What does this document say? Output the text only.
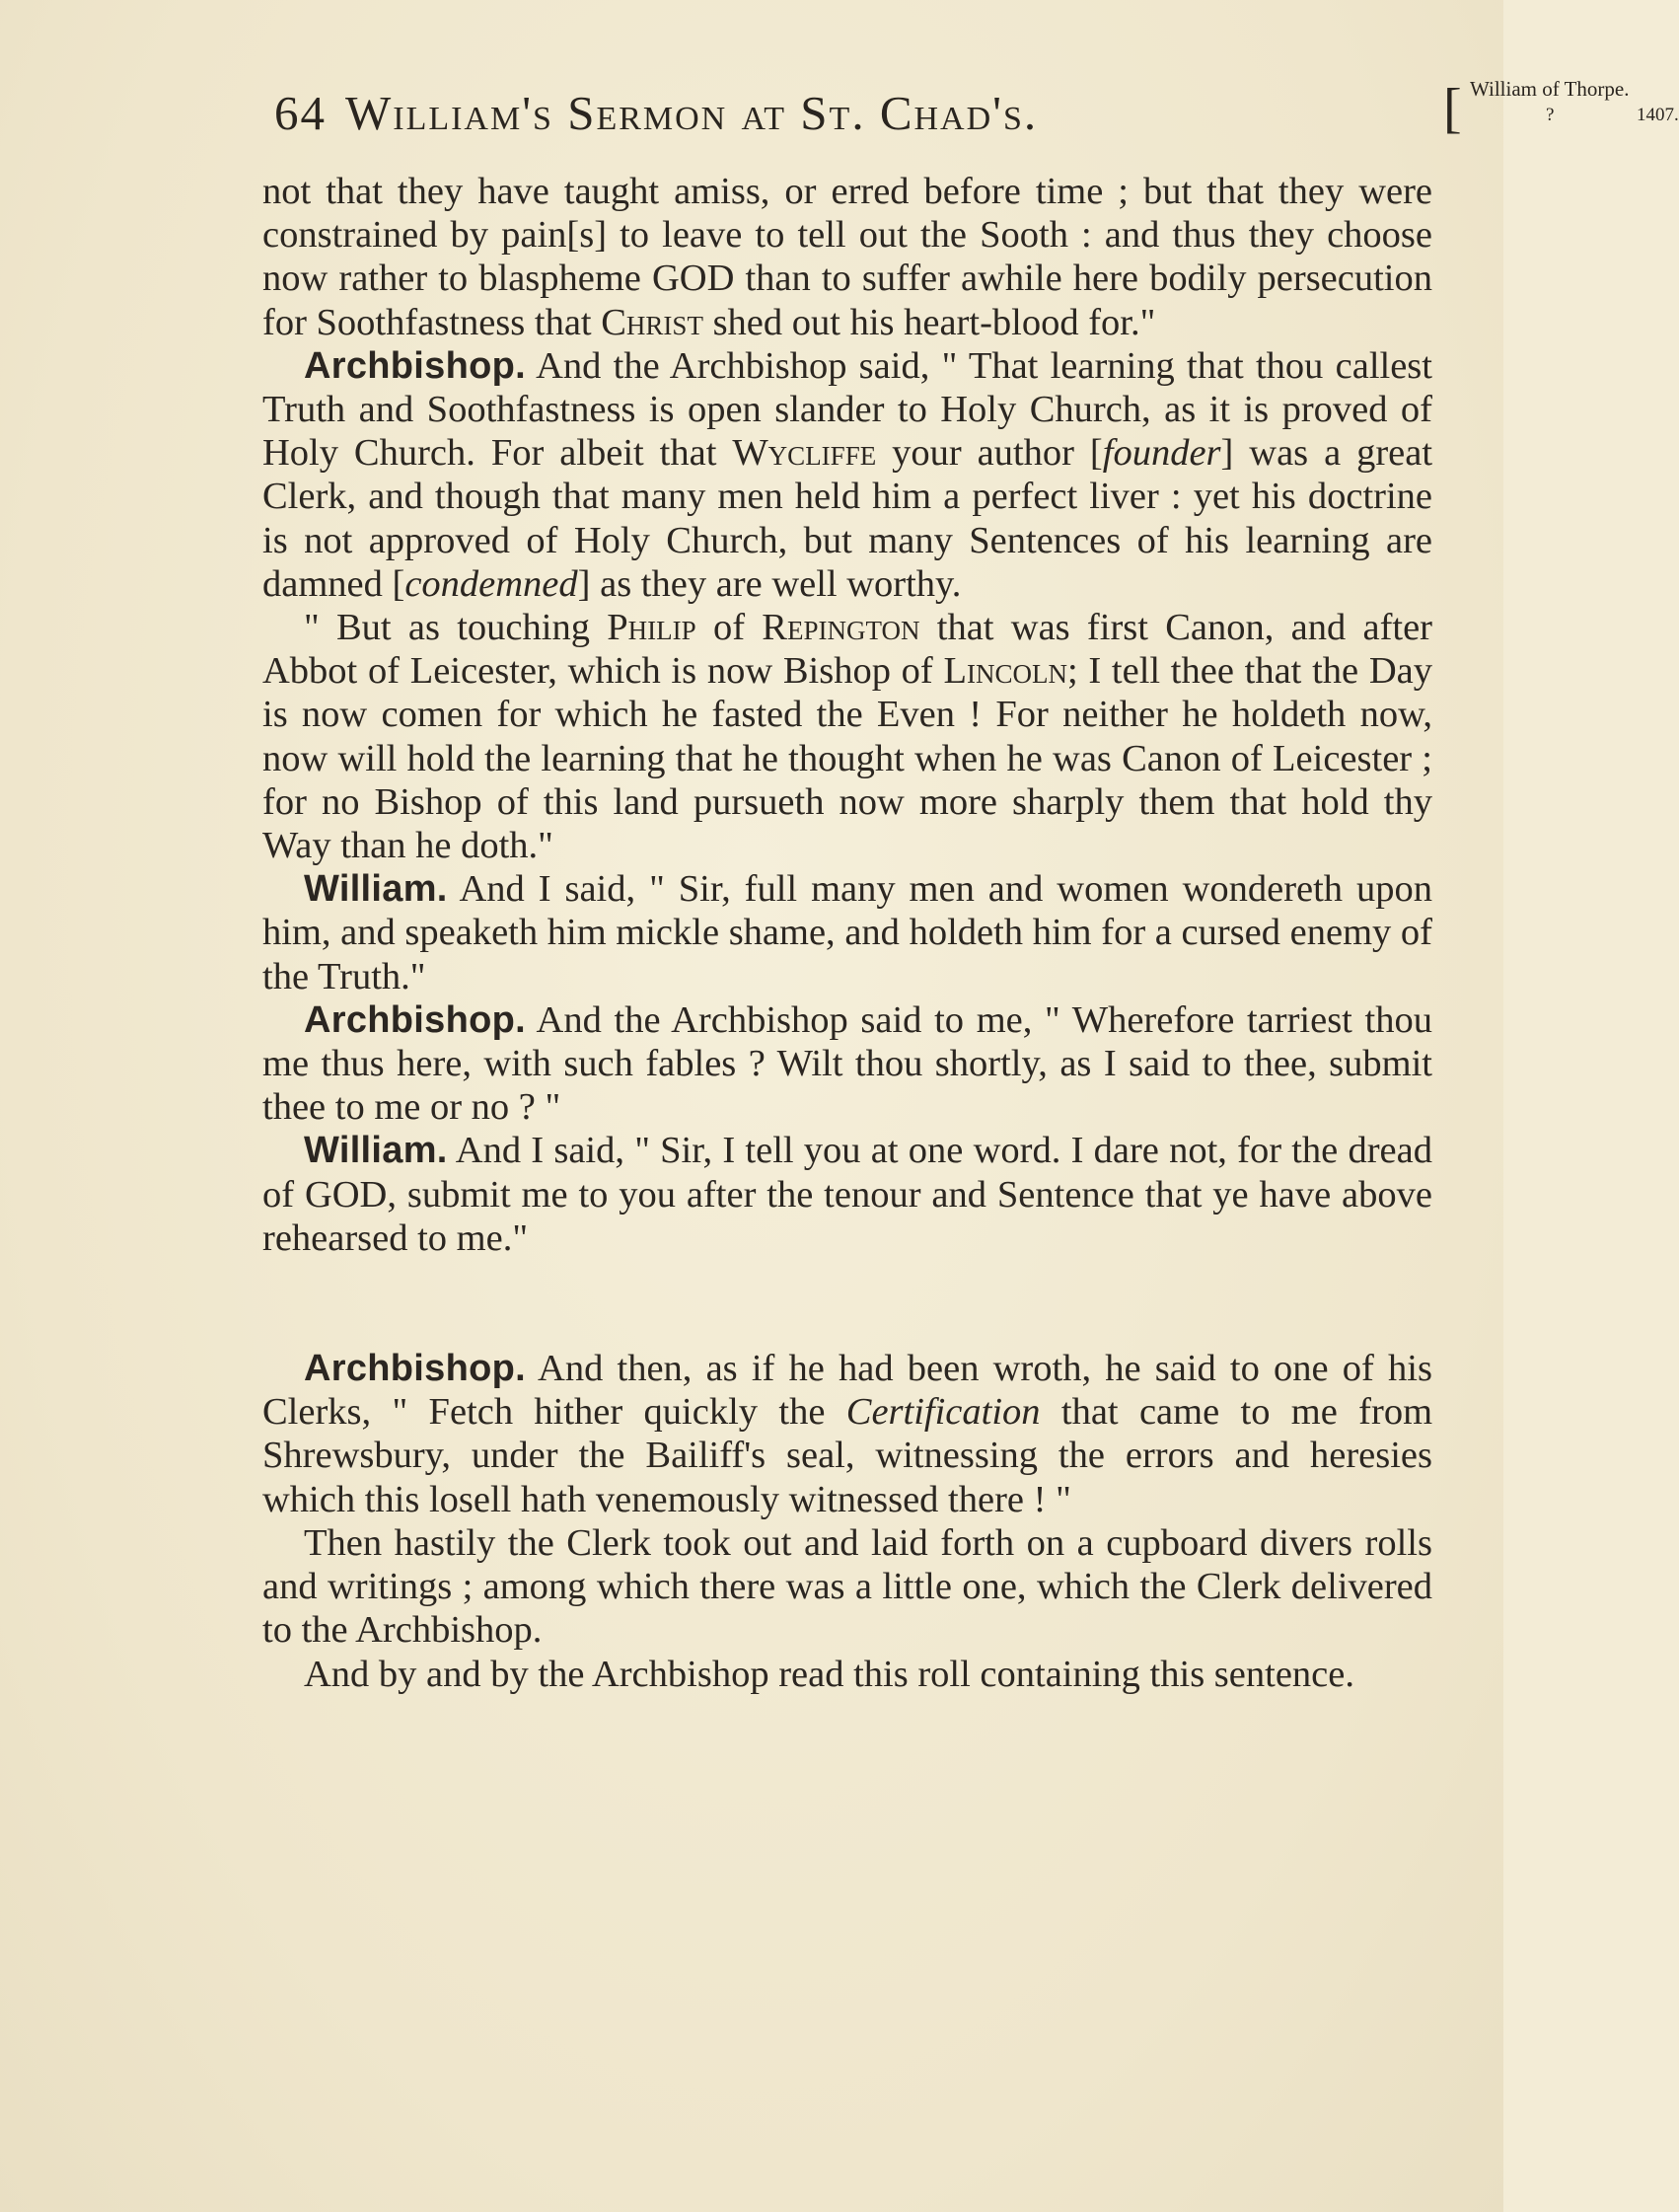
64 William's Sermon at St. Chad's.	[ William of Thorpe.
?	1407.

not that they have taught amiss, or erred before time ; but that they were constrained by pain[s] to leave to tell out the Sooth : and thus they choose now rather to blaspheme GOD than to suffer awhile here bodily persecution for Soothfastness that Christ shed out his heart-blood for."

Archbishop. And the Archbishop said, " That learning that thou callest Truth and Soothfastness is open slander to Holy Church, as it is proved of Holy Church. For albeit that Wycliffe your author [founder] was a great Clerk, and though that many men held him a perfect liver : yet his doctrine is not approved of Holy Church, but many Sentences of his learning are damned [condemned] as they are well worthy.

" But as touching Philip of Repington that was first Canon, and after Abbot of Leicester, which is now Bishop of Lincoln; I tell thee that the Day is now comen for which he fasted the Even ! For neither he holdeth now, now will hold the learning that he thought when he was Canon of Leicester ; for no Bishop of this land pursueth now more sharply them that hold thy Way than he doth."

William. And I said, " Sir, full many men and women wondereth upon him, and speaketh him mickle shame, and holdeth him for a cursed enemy of the Truth."

Archbishop. And the Archbishop said to me, " Wherefore tarriest thou me thus here, with such fables ? Wilt thou shortly, as I said to thee, submit thee to me or no ? "

William. And I said, " Sir, I tell you at one word. I dare not, for the dread of GOD, submit me to you after the tenour and Sentence that ye have above rehearsed to me."

Archbishop. And then, as if he had been wroth, he said to one of his Clerks, " Fetch hither quickly the Certification that came to me from Shrewsbury, under the Bailiff's seal, witnessing the errors and heresies which this losell hath venemously witnessed there ! "

Then hastily the Clerk took out and laid forth on a cupboard divers rolls and writings ; among which there was a little one, which the Clerk delivered to the Archbishop.

And by and by the Archbishop read this roll containing this sentence.
